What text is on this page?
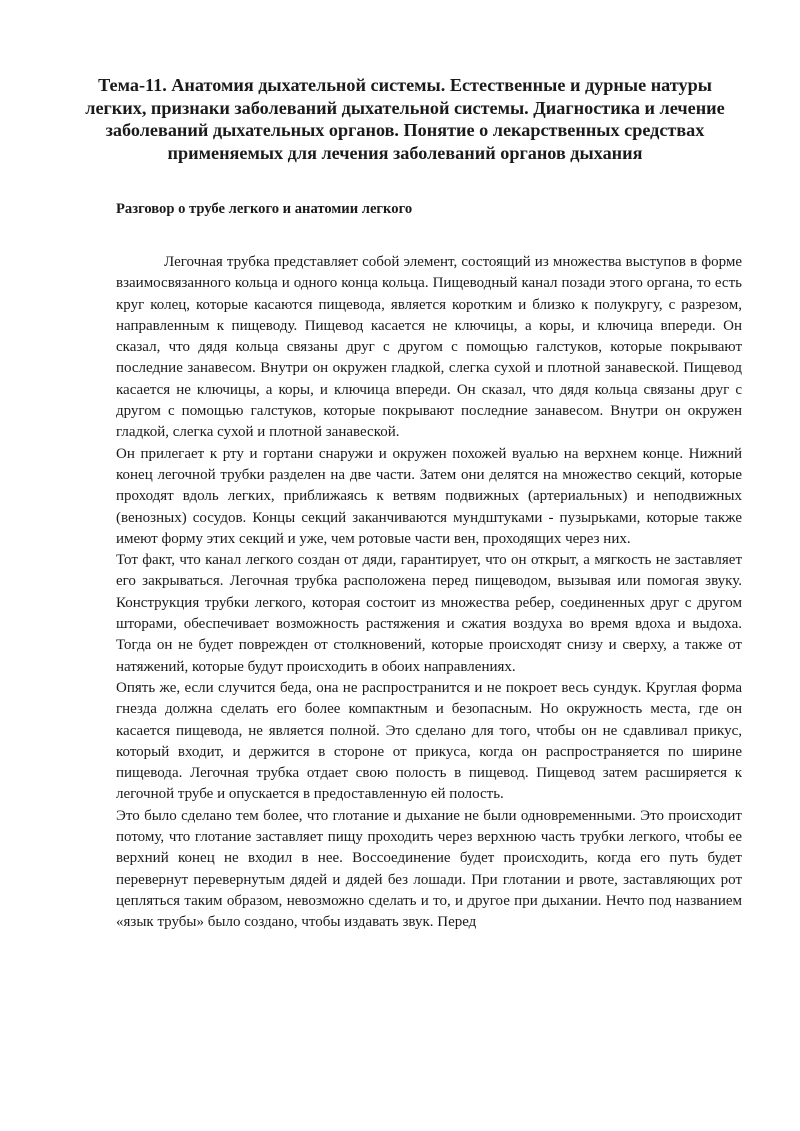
Тема-11. Анатомия дыхательной системы. Естественные и дурные натуры легких, признаки заболеваний дыхательной системы. Диагностика и лечение заболеваний дыхательных органов. Понятие о лекарственных средствах применяемых для лечения заболеваний органов дыхания
Разговор о трубе легкого и анатомии легкого

Легочная трубка представляет собой элемент, состоящий из множества выступов в форме взаимосвязанного кольца и одного конца кольца. Пищеводный канал позади этого органа, то есть круг колец, которые касаются пищевода, является коротким и близко к полукругу, с разрезом, направленным к пищеводу. Пищевод касается не ключицы, а коры, и ключица впереди. Он сказал, что дядя кольца связаны друг с другом с помощью галстуков, которые покрывают последние занавесом. Внутри он окружен гладкой, слегка сухой и плотной занавеской. Пищевод касается не ключицы, а коры, и ключица впереди. Он сказал, что дядя кольца связаны друг с другом с помощью галстуков, которые покрывают последние занавесом. Внутри он окружен гладкой, слегка сухой и плотной занавеской.

Он прилегает к рту и гортани снаружи и окружен похожей вуалью на верхнем конце. Нижний конец легочной трубки разделен на две части. Затем они делятся на множество секций, которые проходят вдоль легких, приближаясь к ветвям подвижных (артериальных) и неподвижных (венозных) сосудов. Концы секций заканчиваются мундштуками - пузырьками, которые также имеют форму этих секций и уже, чем ротовые части вен, проходящих через них.

Тот факт, что канал легкого создан от дяди, гарантирует, что он открыт, а мягкость не заставляет его закрываться. Легочная трубка расположена перед пищеводом, вызывая или помогая звуку. Конструкция трубки легкого, которая состоит из множества ребер, соединенных друг с другом шторами, обеспечивает возможность растяжения и сжатия воздуха во время вдоха и выдоха. Тогда он не будет поврежден от столкновений, которые происходят снизу и сверху, а также от натяжений, которые будут происходить в обоих направлениях.

Опять же, если случится беда, она не распространится и не покроет весь сундук. Круглая форма гнезда должна сделать его более компактным и безопасным. Но окружность места, где он касается пищевода, не является полной. Это сделано для того, чтобы он не сдавливал прикус, который входит, и держится в стороне от прикуса, когда он распространяется по ширине пищевода. Легочная трубка отдает свою полость в пищевод. Пищевод затем расширяется к легочной трубе и опускается в предоставленную ей полость.

Это было сделано тем более, что глотание и дыхание не были одновременными. Это происходит потому, что глотание заставляет пищу проходить через верхнюю часть трубки легкого, чтобы ее верхний конец не входил в нее. Воссоединение будет происходить, когда его путь будет перевернут перевернутым дядей и дядей без лошади. При глотании и рвоте, заставляющих рот цепляться таким образом, невозможно сделать и то, и другое при дыхании. Нечто под названием «язык трубы» было создано, чтобы издавать звук. Перед
